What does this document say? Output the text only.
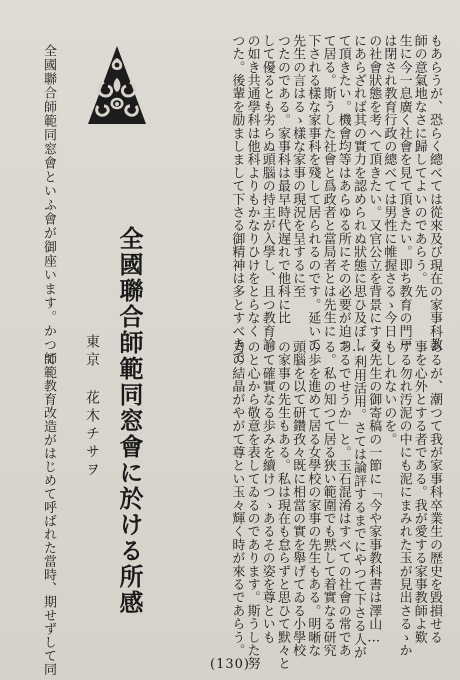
もあらうが、恐らく總べては從來及び現在の家事科教
師の意氣地なさに歸してよいのであらう。先
生に今一息廣く社會を見て頂きたい。即ち教育の門戸
は閉され教育行政の總べては男性に帷握さるゝ今日
の社會狀態を考へて頂きたい。又官公立を背景にする
にあらざれば其の實力を認められぬ狀態に思ひ及ぼし
て頂きたい。機會均等はあらゆる所にその必要が迫つ
て居る。斯うした社會と爲政者と當局者とは先生に
下される樣な家事科を殘して居られるのです。延いて
先生の言はるゝ樣な家事の現況を呈するに至
つたのである。家事科は最早時代遅れで他科に比
して優るとも劣らぬ頭腦の持主が入學し、且つ教育論
の如き共通學科は他科よりもかなりひけをとらなく
つた。後輩を励ましまして下さる御精神は多とすべきで
全國聯合師範同窓會に於ける所感
東京 花木チサヲ	あるが、潮つて我が家事科卒業生の歴史を毀損せる
事を心外とする者である。我が愛する家事教師よ歎
する勿れ汚泥の中にも泥にまみれた玉が見出さるゝか
もしれないのを。
又先生の御寄稿の一節に「今や家事教科書は澤山…
…利用活用。さては論評するまでにやつて下さる人が
あるでせうか」と。玉石混淆はすべての社會の常であ
る。私の知つて居る狹い範圍でも黙して着實なる研究
の歩を進めて居る女學校の家事の先生もある。明晰な
頭腦を以て研鑽孜々既に相當の實を舉げてゐる小學校
の家事の先生もある。私は現在も怠らずと思ひて默々と
して確實なる歩みを續けつゝあるその姿を尊といも
のと心から敬意を表してゐるのであります。斯うした努
力の結晶がやがて尊とい玉々輝く時が來るであらう。
全國聯合師範同窓會といふ會が御座います。かつて
師範教育改造がはじめて呼ばれた當時、期せずして同	(130)
